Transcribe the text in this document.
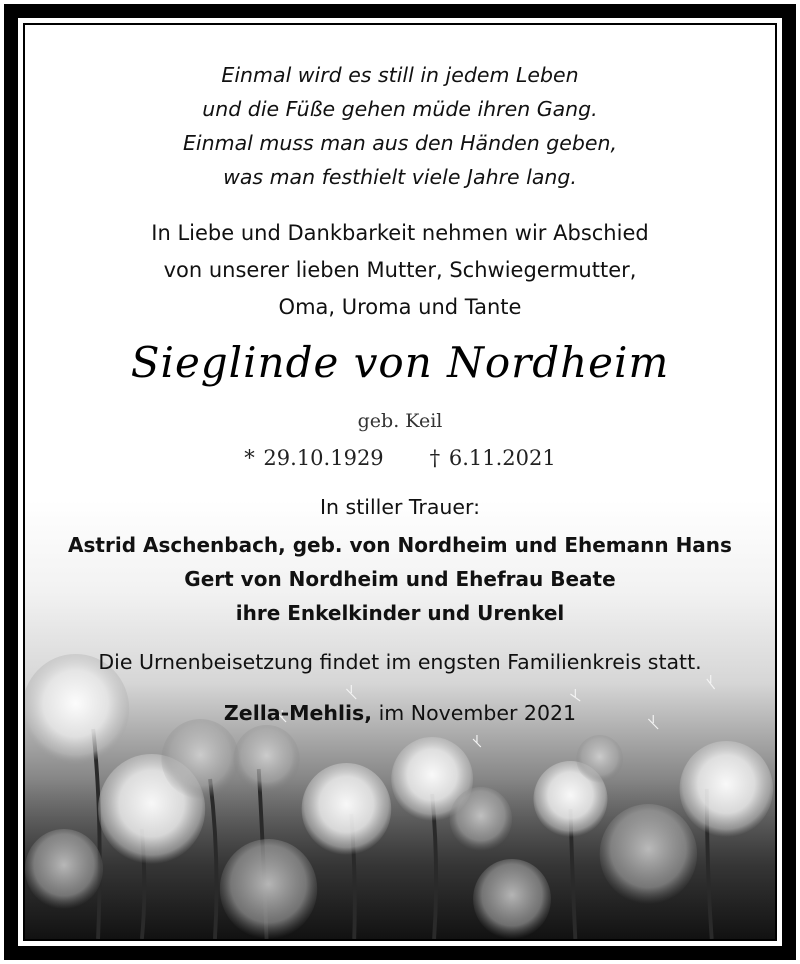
Einmal wird es still in jedem Leben
und die Füße gehen müde ihren Gang.
Einmal muss man aus den Händen geben,
was man festhielt viele Jahre lang.
In Liebe und Dankbarkeit nehmen wir Abschied
von unserer lieben Mutter, Schwiegermutter,
Oma, Uroma und Tante
Sieglinde von Nordheim
geb. Keil
* 29.10.1929 † 6.11.2021
In stiller Trauer:
Astrid Aschenbach, geb. von Nordheim und Ehemann Hans
Gert von Nordheim und Ehefrau Beate
ihre Enkelkinder und Urenkel
Die Urnenbeisetzung findet im engsten Familienkreis statt.
Zella-Mehlis, im November 2021
